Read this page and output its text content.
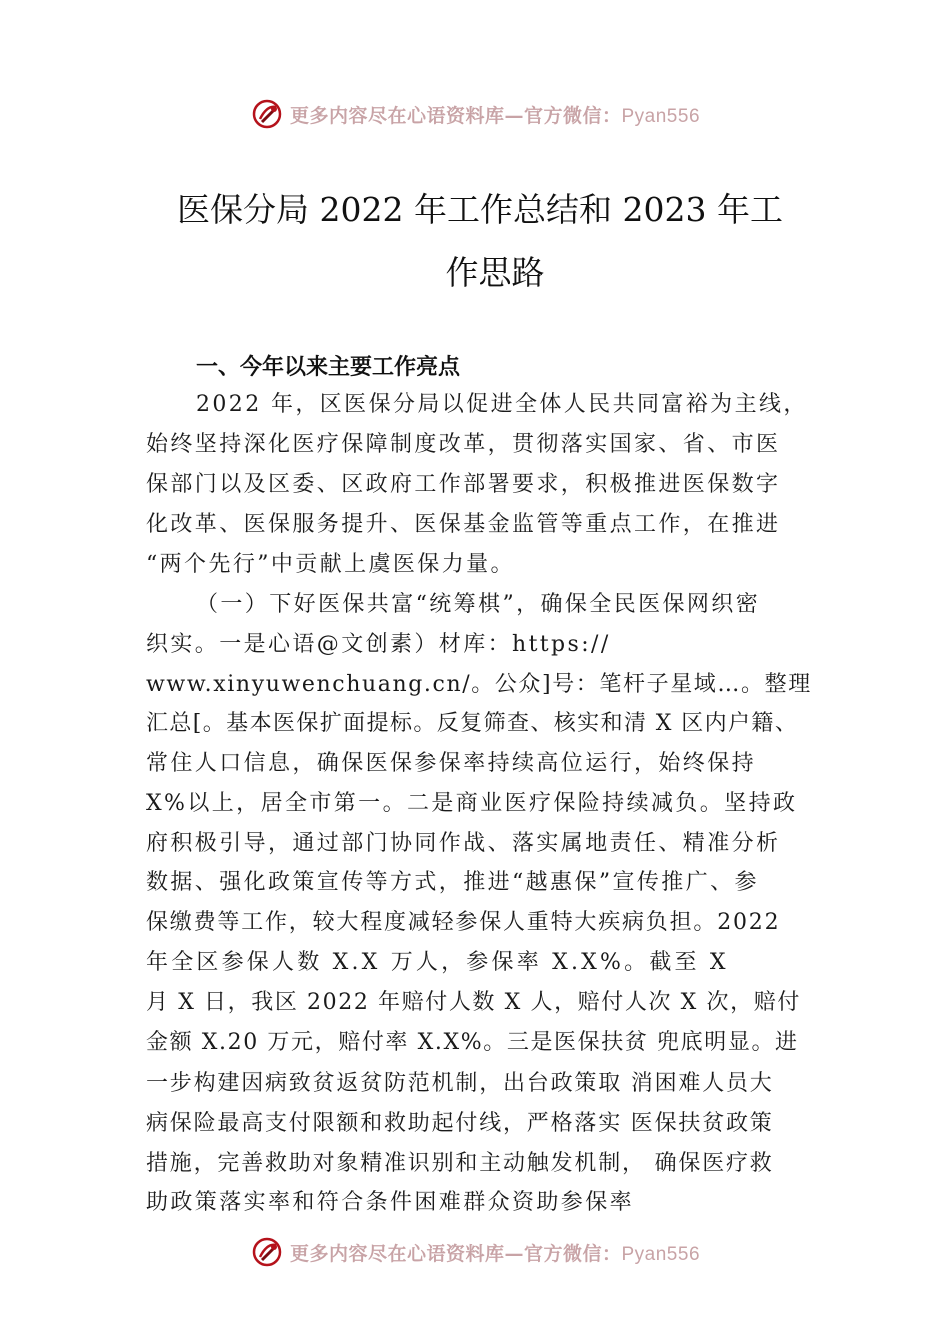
更多内容尽在心语资料库—官方微信：Pyan556
医保分局 2022 年工作总结和 2023 年工
作思路
一、今年以来主要工作亮点
2022 年，区医保分局以促进全体人民共同富裕为主线，
始终坚持深化医疗保障制度改革，贯彻落实国家、省、市医
保部门以及区委、区政府工作部署要求，积极推进医保数字
化改革、医保服务提升、医保基金监管等重点工作，在推进
“两个先行”中贡献上虞医保力量。
（一）下好医保共富“统筹棋”，确保全民医保网织密
织实。一是心语@文创素）材库：https://
www.xinyuwenchuang.cn/。公众]号：笔杆子星域…。整理
汇总[。基本医保扩面提标。反复筛查、核实和清 X 区内户籍、
常住人口信息，确保医保参保率持续高位运行，始终保持
X%以上，居全市第一。二是商业医疗保险持续减负。坚持政
府积极引导，通过部门协同作战、落实属地责任、精准分析
数据、强化政策宣传等方式，推进“越惠保”宣传推广、参
保缴费等工作，较大程度减轻参保人重特大疾病负担。2022
年全区参保人数 X.X 万人，参保率 X.X%。截至 X
月 X 日，我区 2022 年赔付人数 X 人，赔付人次 X 次，赔付
金额 X.20 万元，赔付率 X.X%。三是医保扶贫 兜底明显。进
一步构建因病致贫返贫防范机制，出台政策取 消困难人员大
病保险最高支付限额和救助起付线，严格落实 医保扶贫政策
措施，完善救助对象精准识别和主动触发机制， 确保医疗救
助政策落实率和符合条件困难群众资助参保率
更多内容尽在心语资料库—官方微信：Pyan556
